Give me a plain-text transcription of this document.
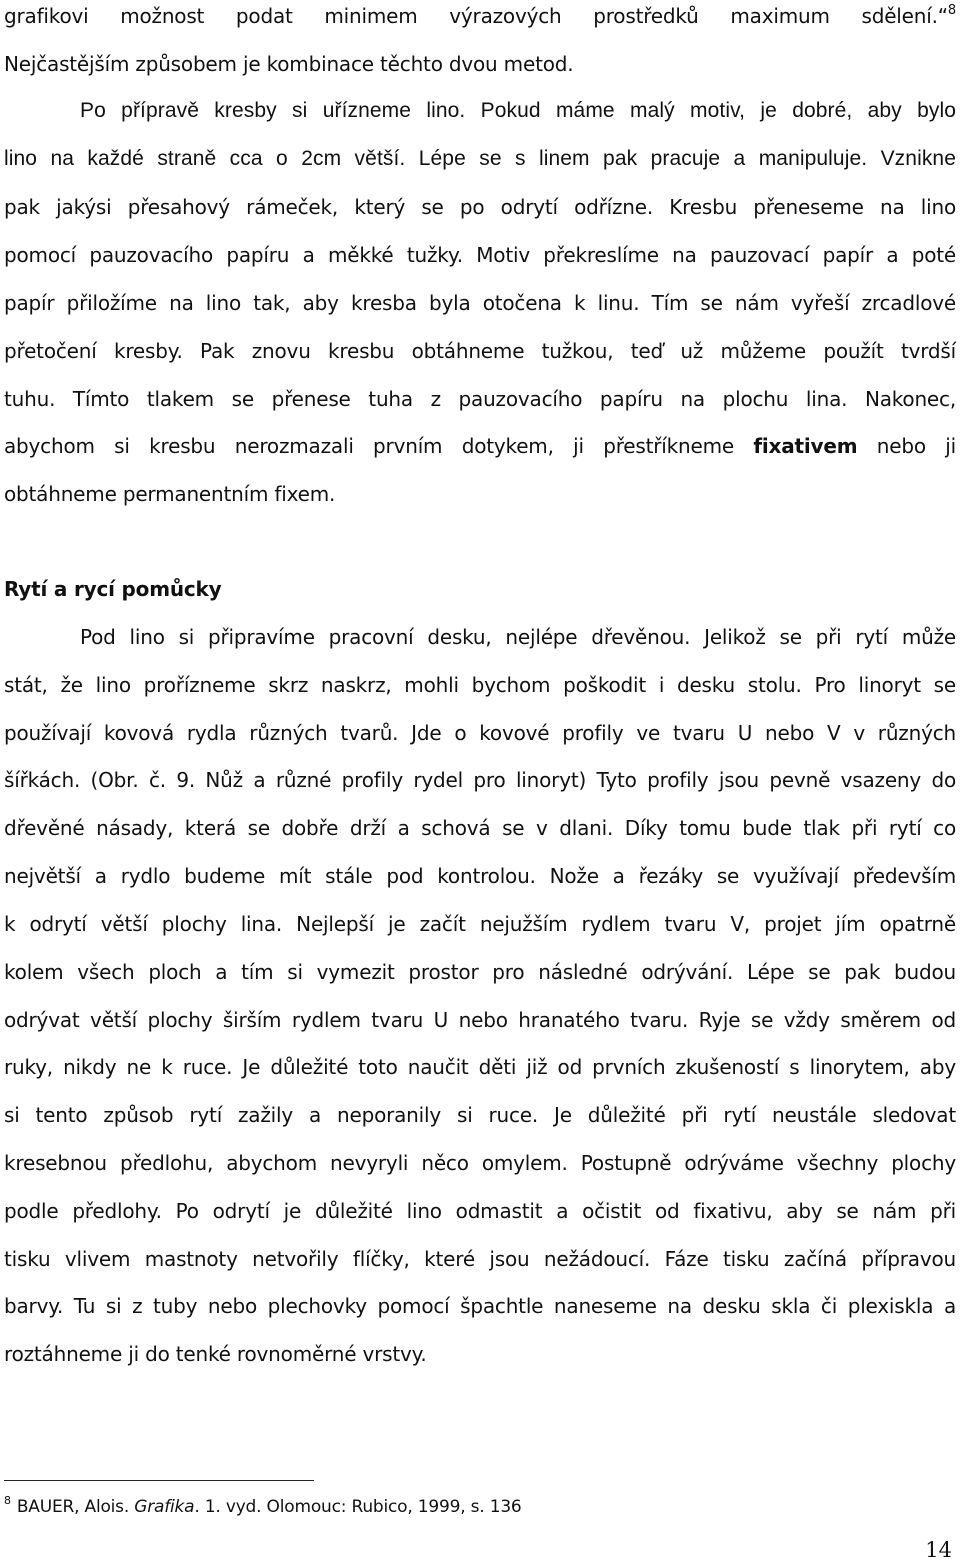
grafikovi možnost podat minimem výrazových prostředků maximum sdělení.“$^8$
Nejčastějším způsobem je kombinace těchto dvou metod.
Po přípravě kresby si uřízneme lino. Pokud máme malý motiv, je dobré, aby bylo
lino na každé straně cca o 2cm větší. Lépe se s linem pak pracuje a manipuluje. Vznikne
pak jakýsi přesahový rámeček, který se po odrytí odřízne. Kresbu přeneseme na lino
pomocí pauzovacího papíru a měkké tužky. Motiv překreslíme na pauzovací papír a poté
papír přiložíme na lino tak, aby kresba byla otočena k linu. Tím se nám vyřeší zrcadlové
přetočení kresby. Pak znovu kresbu obtáhneme tužkou, teď už můžeme použít tvrdší
tuhu. Tímto tlakem se přenese tuha z pauzovacího papíru na plochu lina. Nakonec,
abychom si kresbu nerozmazali prvním dotykem, ji přestříkneme fixativem nebo ji
obtáhneme permanentním fixem.
Rytí a rycí pomůcky
Pod lino si připravíme pracovní desku, nejlépe dřevěnou. Jelikož se při rytí může
stát, že lino prořízneme skrz naskrz, mohli bychom poškodit i desku stolu. Pro linoryt se
používají kovová rydla různých tvarů. Jde o kovové profily ve tvaru U nebo V v různých
šířkách. (Obr. č. 9. Nůž a různé profily rydel pro linoryt) Tyto profily jsou pevně vsazeny do
dřevěné násady, která se dobře drží a schová se v dlani. Díky tomu bude tlak při rytí co
největší a rydlo budeme mít stále pod kontrolou. Nože a řezáky se využívají především
k odrytí větší plochy lina. Nejlepší je začít nejužším rydlem tvaru V, projet jím opatrně
kolem všech ploch a tím si vymezit prostor pro následné odrývání. Lépe se pak budou
odrývat větší plochy širším rydlem tvaru U nebo hranatého tvaru. Ryje se vždy směrem od
ruky, nikdy ne k ruce. Je důležité toto naučit děti již od prvních zkušeností s linorytem, aby
si tento způsob rytí zažily a neporanily si ruce. Je důležité při rytí neustále sledovat
kresebnou předlohu, abychom nevyryli něco omylem. Postupně odrýváme všechny plochy
podle předlohy. Po odrytí je důležité lino odmastit a očistit od fixativu, aby se nám při
tisku vlivem mastnoty netvořily flíčky, které jsou nežádoucí. Fáze tisku začíná přípravou
barvy. Tu si z tuby nebo plechovky pomocí špachtle naneseme na desku skla či plexiskla a
roztáhneme ji do tenké rovnoměrné vrstvy.
$^8$ BAUER, Alois. Grafika. 1. vyd. Olomouc: Rubico, 1999, s. 136
14
